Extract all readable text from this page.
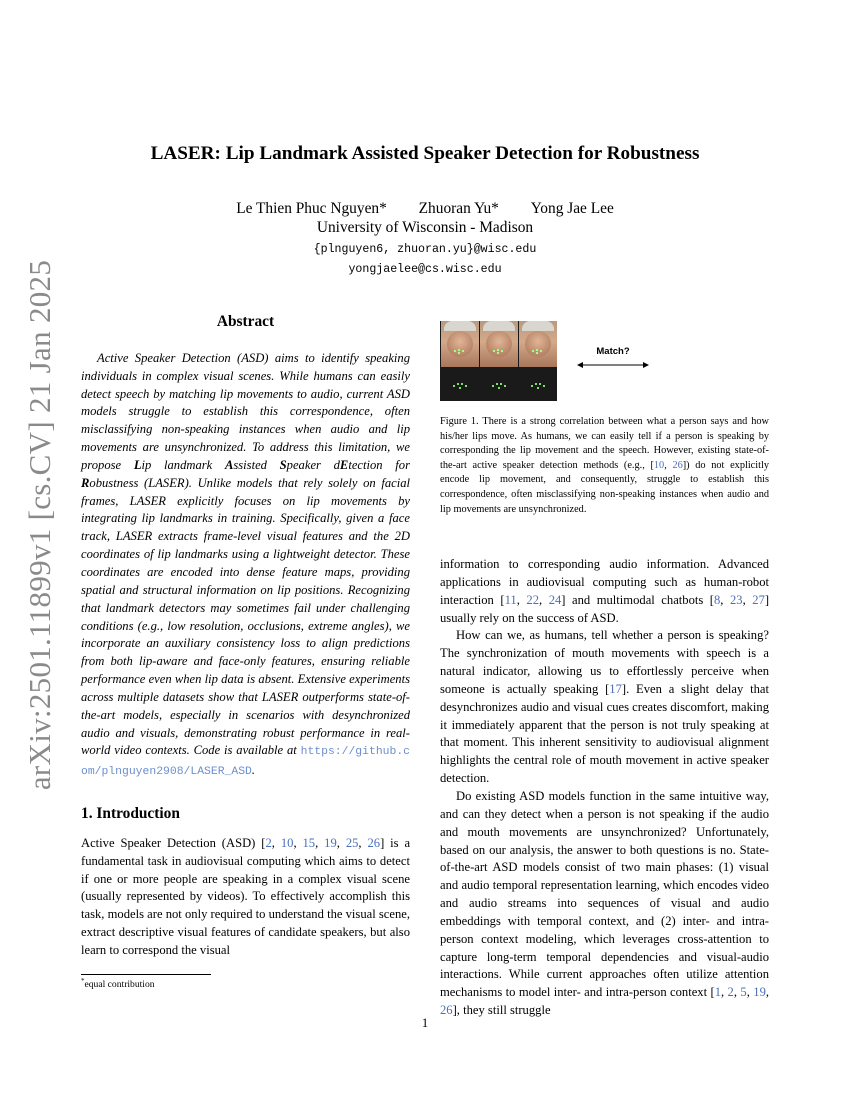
arXiv:2501.11899v1 [cs.CV] 21 Jan 2025
LASER: Lip Landmark Assisted Speaker Detection for Robustness
Le Thien Phuc Nguyen* Zhuoran Yu* Yong Jae Lee
University of Wisconsin - Madison
{plnguyen6, zhuoran.yu}@wisc.edu
yongjaelee@cs.wisc.edu
Abstract

Active Speaker Detection (ASD) aims to identify speaking individuals in complex visual scenes. While humans can easily detect speech by matching lip movements to audio, current ASD models struggle to establish this correspondence, often misclassifying non-speaking instances when audio and lip movements are unsynchronized. To address this limitation, we propose Lip landmark Assisted Speaker dEtection for Robustness (LASER). Unlike models that rely solely on facial frames, LASER explicitly focuses on lip movements by integrating lip landmarks in training. Specifically, given a face track, LASER extracts frame-level visual features and the 2D coordinates of lip landmarks using a lightweight detector. These coordinates are encoded into dense feature maps, providing spatial and structural information on lip positions. Recognizing that landmark detectors may sometimes fail under challenging conditions (e.g., low resolution, occlusions, extreme angles), we incorporate an auxiliary consistency loss to align predictions from both lip-aware and face-only features, ensuring reliable performance even when lip data is absent. Extensive experiments across multiple datasets show that LASER outperforms state-of-the-art models, especially in scenarios with desynchronized audio and visuals, demonstrating robust performance in real-world video contexts. Code is available at https://github.com/plnguyen2908/LASER_ASD.

1. Introduction

Active Speaker Detection (ASD) [2, 10, 15, 19, 25, 26] is a fundamental task in audiovisual computing which aims to detect if one or more people are speaking in a complex visual scene (usually represented by videos). To effectively accomplish this task, models are not only required to understand the visual scene, extract descriptive visual features of candidate speakers, but also learn to correspond the visual

*equal contribution
Match?
Figure 1. There is a strong correlation between what a person says and how his/her lips move. As humans, we can easily tell if a person is speaking by corresponding the lip movement and the speech. However, existing state-of-the-art active speaker detection methods (e.g., [10, 26]) do not explicitly encode lip movement, and consequently, struggle to establish this correspondence, often misclassifying non-speaking instances when audio and lip movements are unsynchronized.

information to corresponding audio information. Advanced applications in audiovisual computing such as human-robot interaction [11, 22, 24] and multimodal chatbots [8, 23, 27] usually rely on the success of ASD.

How can we, as humans, tell whether a person is speaking? The synchronization of mouth movements with speech is a natural indicator, allowing us to effortlessly perceive when someone is actually speaking [17]. Even a slight delay that desynchronizes audio and visual cues creates discomfort, making it immediately apparent that the person is not truly speaking at that moment. This inherent sensitivity to audiovisual alignment highlights the central role of mouth movement in active speaker detection.

Do existing ASD models function in the same intuitive way, and can they detect when a person is not speaking if the audio and mouth movements are unsynchronized? Unfortunately, based on our analysis, the answer to both questions is no. State-of-the-art ASD models consist of two main phases: (1) visual and audio temporal representation learning, which encodes video and audio streams into sequences of visual and audio embeddings with temporal context, and (2) inter- and intra-person context modeling, which leverages cross-attention to capture long-term temporal dependencies and visual-audio interactions. While current approaches often utilize attention mechanisms to model inter- and intra-person context [1, 2, 5, 19, 26], they still struggle

1
